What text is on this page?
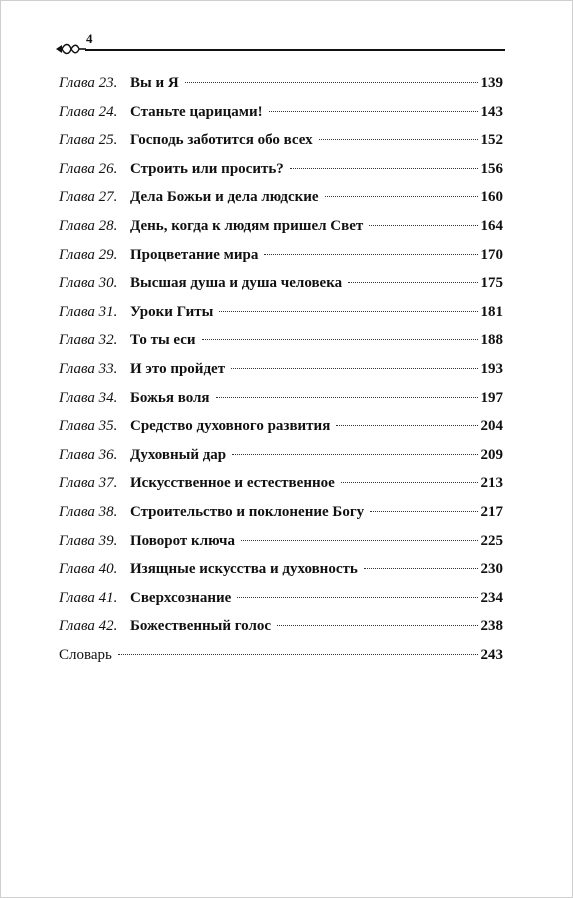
4
Глава 23. Вы и Я	139
Глава 24. Станьте царицами!	143
Глава 25. Господь заботится обо всех	152
Глава 26. Строить или просить?	156
Глава 27. Дела Божьи и дела людские	160
Глава 28. День, когда к людям пришел Свет	164
Глава 29. Процветание мира	170
Глава 30. Высшая душа и душа человека	175
Глава 31. Уроки Гиты	181
Глава 32. То ты еси	188
Глава 33. И это пройдет	193
Глава 34. Божья воля	197
Глава 35. Средство духовного развития	204
Глава 36. Духовный дар	209
Глава 37. Искусственное и естественное	213
Глава 38. Строительство и поклонение Богу	217
Глава 39. Поворот ключа	225
Глава 40. Изящные искусства и духовность	230
Глава 41. Сверхсознание	234
Глава 42. Божественный голос	238
Словарь	243
